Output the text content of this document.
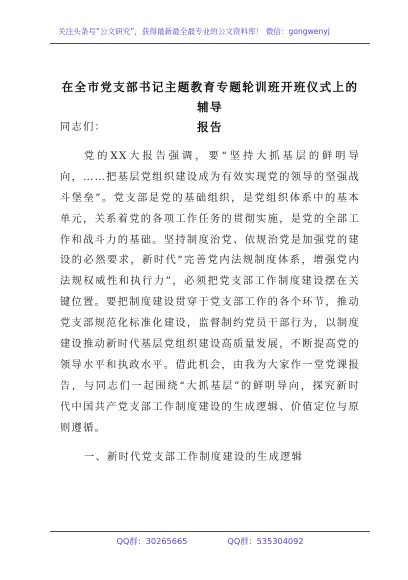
关注头条号“公文研究”，获得最新最全最专业的公文资料库！ 微信：gongwenyj
在全市党支部书记主题教育专题轮训班开班仪式上的辅导
报告

同志们：

党的XX大报告强调，要“坚持大抓基层的鲜明导向，……把基层党组织建设成为有效实现党的领导的坚强战斗堡垒”。党支部是党的基础组织，是党组织体系中的基本单元，关系着党的各项工作任务的贯彻实施，是党的全部工作和战斗力的基础。坚持制度治党、依规治党是加强党的建设的必然要求，新时代“完善党内法规制度体系，增强党内法规权威性和执行力”，必须把党支部工作制度建设摆在关键位置。要把制度建设贯穿于党支部工作的各个环节，推动党支部规范化标准化建设，监督制约党员干部行为，以制度建设推动新时代基层党组织建设高质量发展，不断提高党的领导水平和执政水平。借此机会，由我为大家作一堂党课报告，与同志们一起围绕“大抓基层”的鲜明导向，探究新时代中国共产党支部工作制度建设的生成逻辑、价值定位与原则遵循。

一、新时代党支部工作制度建设的生成逻辑

QQ群：30265665	QQ群：535304092
